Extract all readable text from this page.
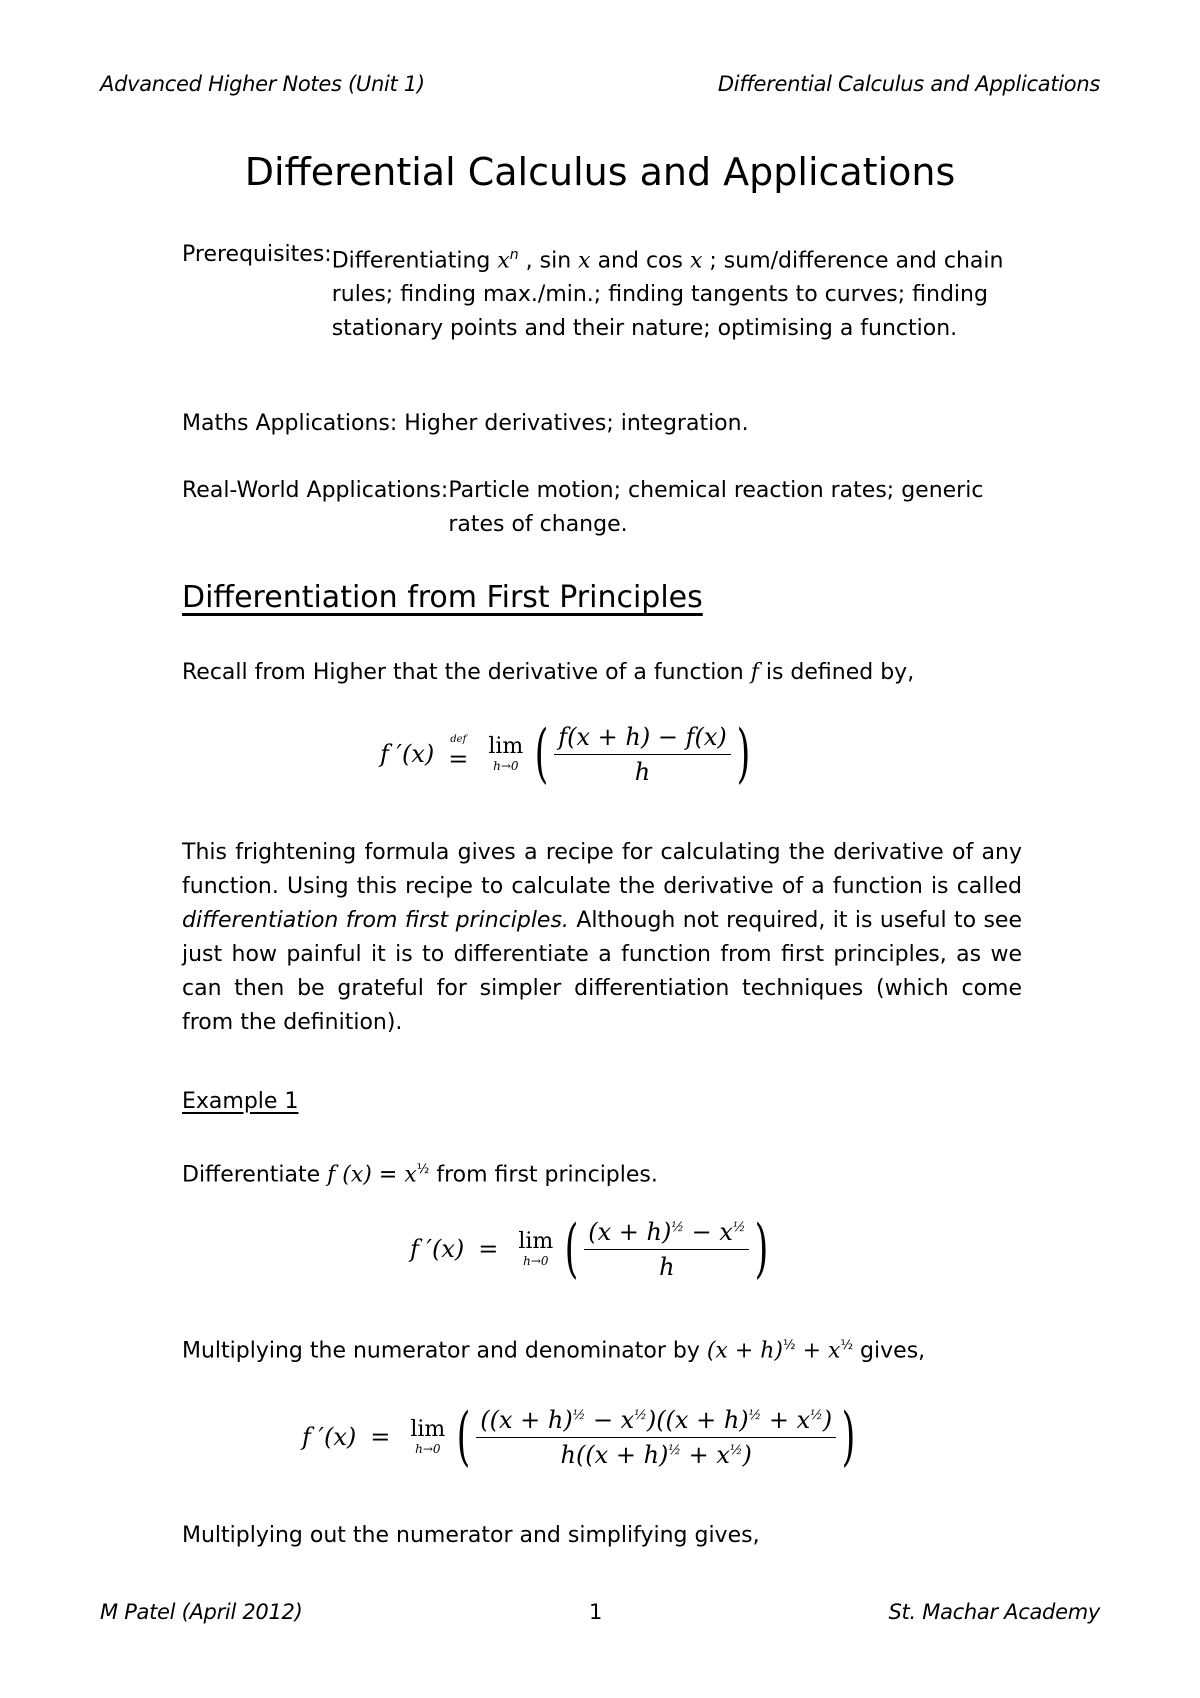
Advanced Higher Notes (Unit 1)	Differential Calculus and Applications
Differential Calculus and Applications
Prerequisites: Differentiating $x^n$ , sin x and cos x ; sum/difference and chain rules; finding max./min.; finding tangents to curves; finding stationary points and their nature; optimising a function.
Maths Applications: Higher derivatives; integration.
Real-World Applications: Particle motion; chemical reaction rates; generic rates of change.
Differentiation from First Principles
Recall from Higher that the derivative of a function f is defined by,
f ′(x)
def
= lim
h→0 ( $\frac{f(x + h) - f(x)}{h}$ )
This frightening formula gives a recipe for calculating the derivative of any function. Using this recipe to calculate the derivative of a function is called differentiation from first principles. Although not required, it is useful to see just how painful it is to differentiate a function from first principles, as we can then be grateful for simpler differentiation techniques (which come from the definition).
Example 1
Differentiate f $(x) = x^{\frac{1}{2}}$ from first principles.
f ′(x) = lim
h→0 ( $\frac{(x + h)^{\frac{1}{2}} - x^{\frac{1}{2}}}{h}$ )
Multiplying the numerator and denominator by $(x + h)^{\frac{1}{2}} + x^{\frac{1}{2}}$ gives,
f ′(x) = lim
h→0 ( $\frac{((x + h)^{\frac{1}{2}} - x^{\frac{1}{2}})((x + h)^{\frac{1}{2}} + x^{\frac{1}{2}})}{h((x + h)^{\frac{1}{2}} + x^{\frac{1}{2}})}$ )
Multiplying out the numerator and simplifying gives,
M Patel (April 2012)	1	St. Machar Academy
